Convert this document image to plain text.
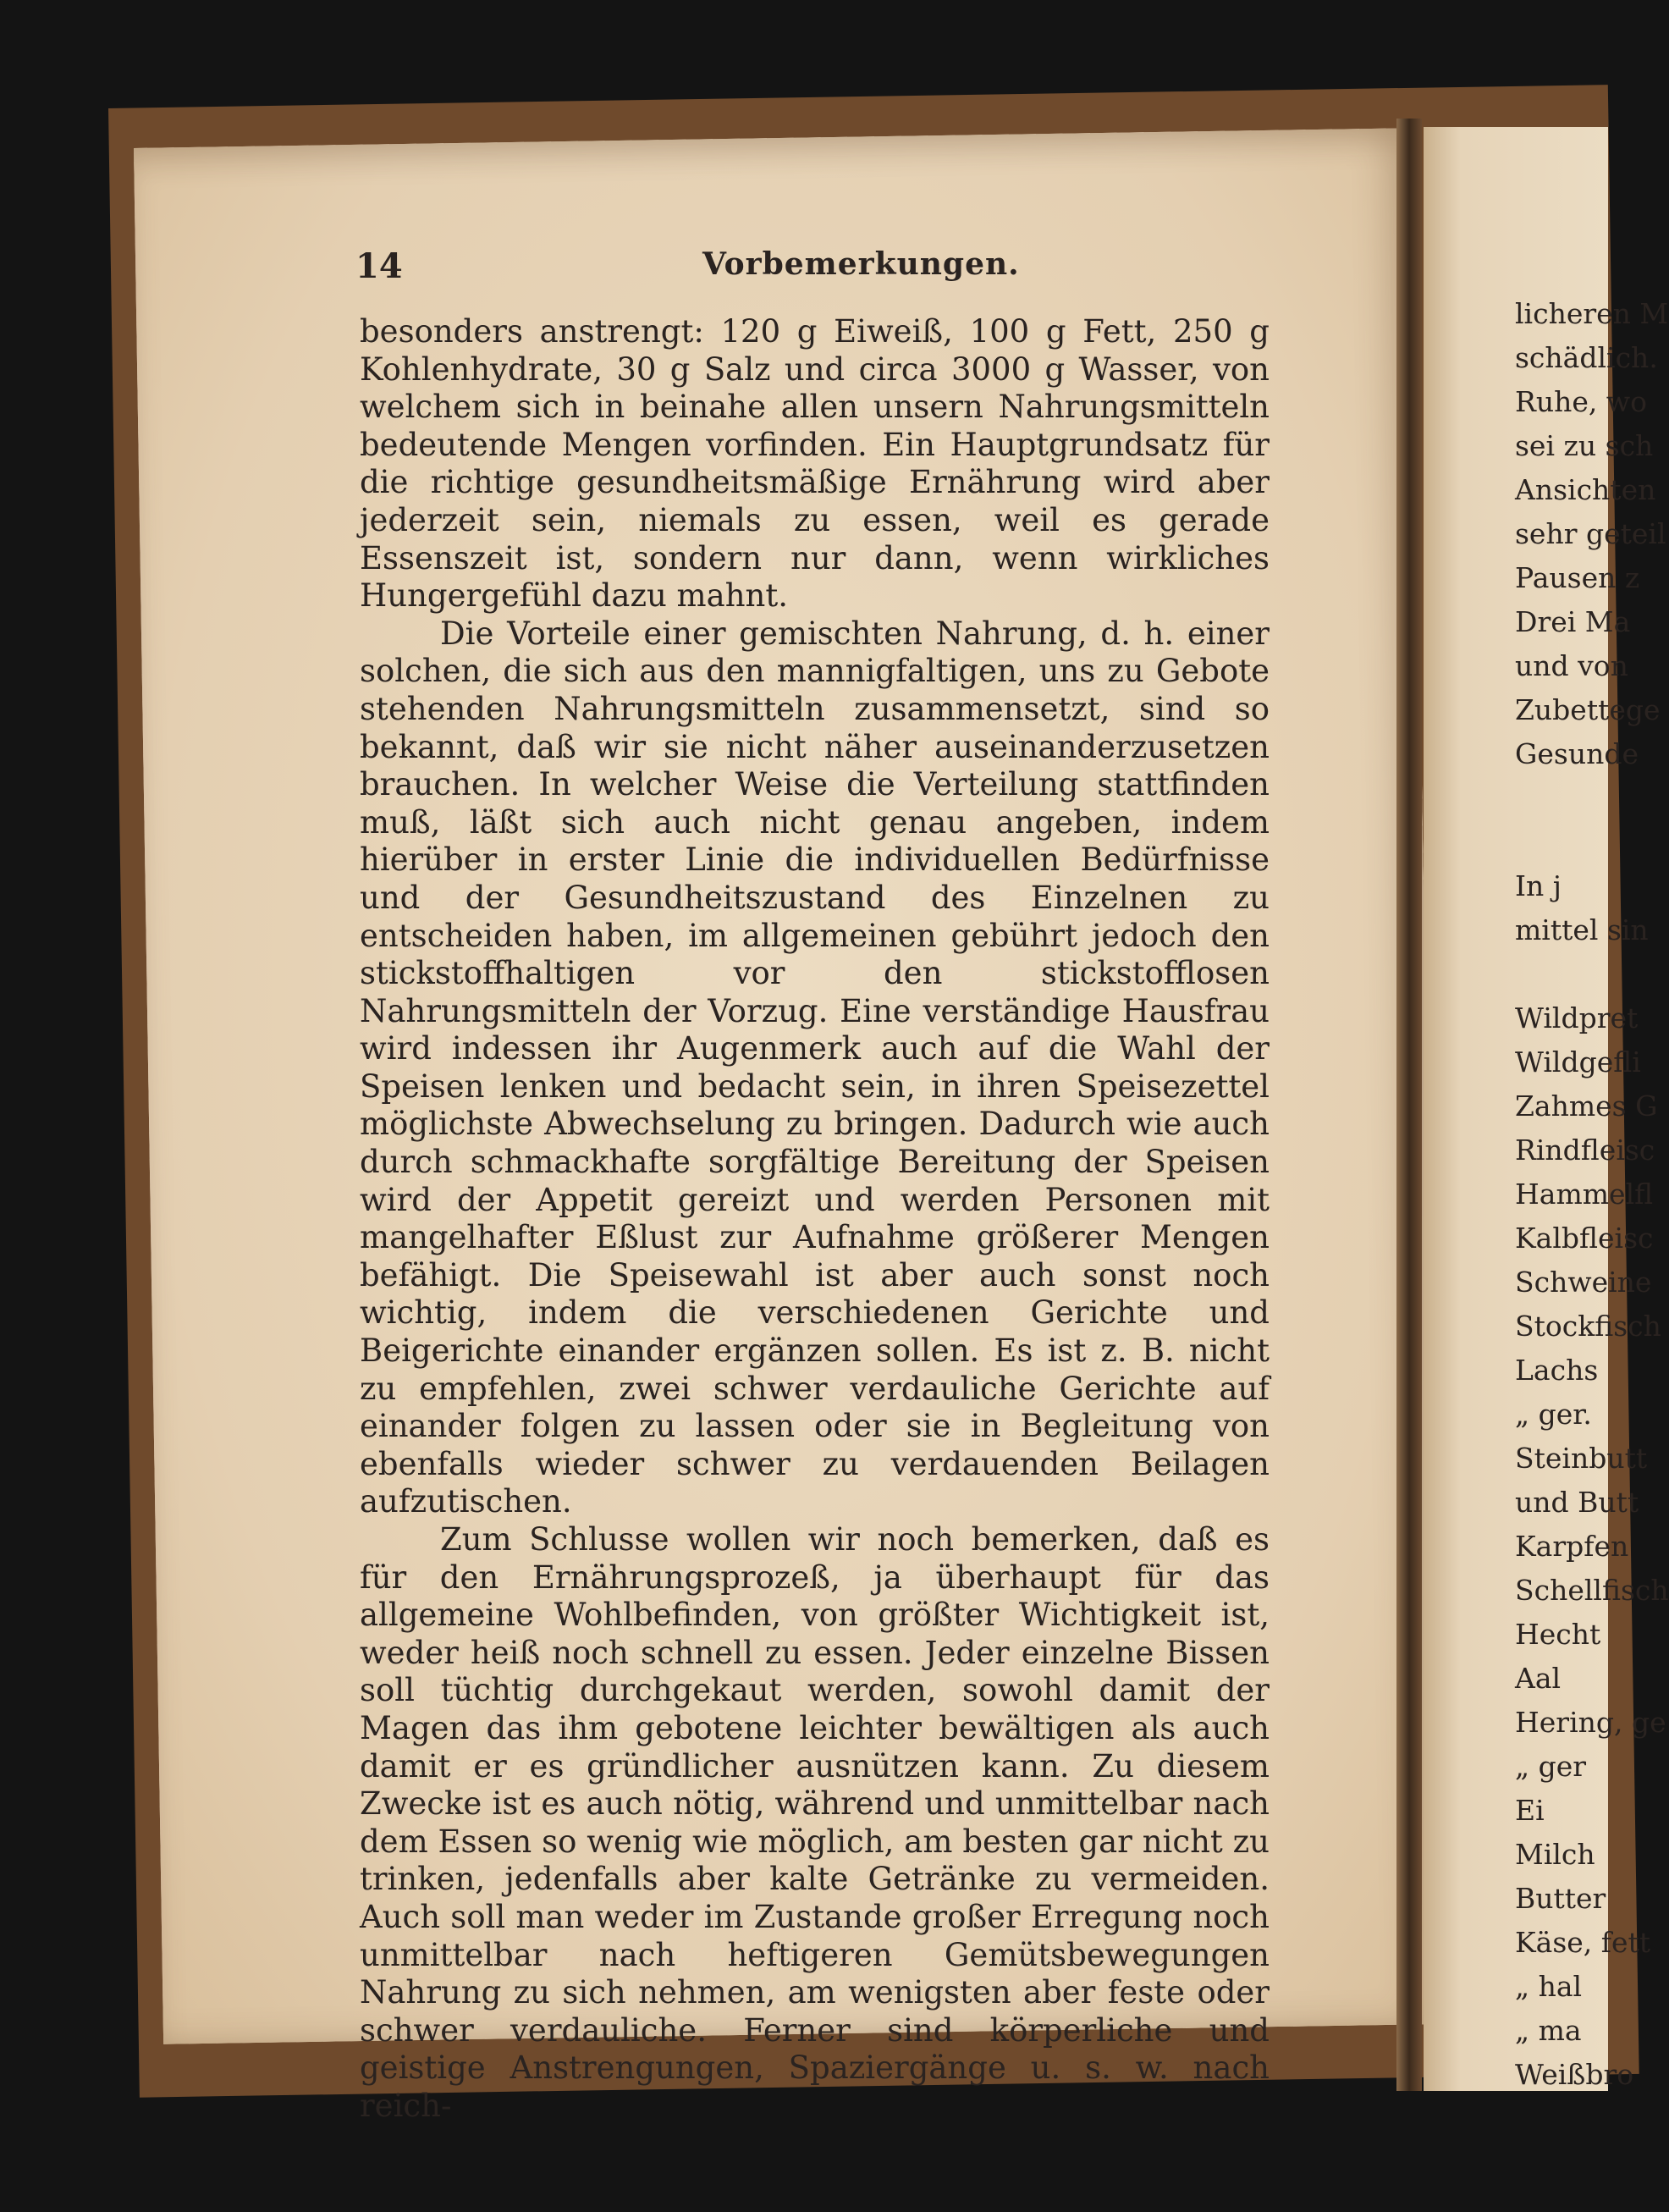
14	Vorbemerkungen.

besonders anstrengt: 120 g Eiweiß, 100 g Fett, 250 g Kohlenhydrate, 30 g Salz und circa 3000 g Wasser, von welchem sich in beinahe allen unsern Nahrungsmitteln bedeutende Mengen vorfinden. Ein Hauptgrundsatz für die richtige gesundheitsmäßige Ernährung wird aber jederzeit sein, niemals zu essen, weil es gerade Essenszeit ist, sondern nur dann, wenn wirkliches Hungergefühl dazu mahnt.

Die Vorteile einer gemischten Nahrung, d. h. einer solchen, die sich aus den mannigfaltigen, uns zu Gebote stehenden Nahrungsmitteln zusammensetzt, sind so bekannt, daß wir sie nicht näher auseinanderzusetzen brauchen. In welcher Weise die Verteilung stattfinden muß, läßt sich auch nicht genau angeben, indem hierüber in erster Linie die individuellen Bedürfnisse und der Gesundheitszustand des Einzelnen zu entscheiden haben, im allgemeinen gebührt jedoch den stickstoffhaltigen vor den stickstofflosen Nahrungsmitteln der Vorzug. Eine verständige Hausfrau wird indessen ihr Augenmerk auch auf die Wahl der Speisen lenken und bedacht sein, in ihren Speisezettel möglichste Abwechselung zu bringen. Dadurch wie auch durch schmackhafte sorgfältige Bereitung der Speisen wird der Appetit gereizt und werden Personen mit mangelhafter Eßlust zur Aufnahme größerer Mengen befähigt. Die Speisewahl ist aber auch sonst noch wichtig, indem die verschiedenen Gerichte und Beigerichte einander ergänzen sollen. Es ist z. B. nicht zu empfehlen, zwei schwer verdauliche Gerichte auf einander folgen zu lassen oder sie in Begleitung von ebenfalls wieder schwer zu verdauenden Beilagen aufzutischen.

Zum Schlusse wollen wir noch bemerken, daß es für den Ernährungsprozeß, ja überhaupt für das allgemeine Wohlbefinden, von größter Wichtigkeit ist, weder heiß noch schnell zu essen. Jeder einzelne Bissen soll tüchtig durchgekaut werden, sowohl damit der Magen das ihm gebotene leichter bewältigen als auch damit er es gründlicher ausnützen kann. Zu diesem Zwecke ist es auch nötig, während und unmittelbar nach dem Essen so wenig wie möglich, am besten gar nicht zu trinken, jedenfalls aber kalte Getränke zu vermeiden. Auch soll man weder im Zustande großer Erregung noch unmittelbar nach heftigeren Gemütsbewegungen Nahrung zu sich nehmen, am wenigsten aber feste oder schwer verdauliche. Ferner sind körperliche und geistige Anstrengungen, Spaziergänge u. s. w. nach reich-

licheren M
schädlich.
Ruhe, wo
sei zu sch
Ansichten
sehr geteil
Pausen z
Drei Ma
und von
Zubettege
Gesunde
In j
mittel sin
Wildpret
Wildgefli
Zahmes G
Rindfleisc
Hammelfl
Kalbfleisc
Schweine
Stockfisch
Lachs
„ ger.
Steinbutt
und Butt
Karpfen
Schellfisch
Hecht
Aal
Hering, ge
„ ger
Ei
Milch
Butter
Käse, fett
„ hal
„ ma
Weißbro
